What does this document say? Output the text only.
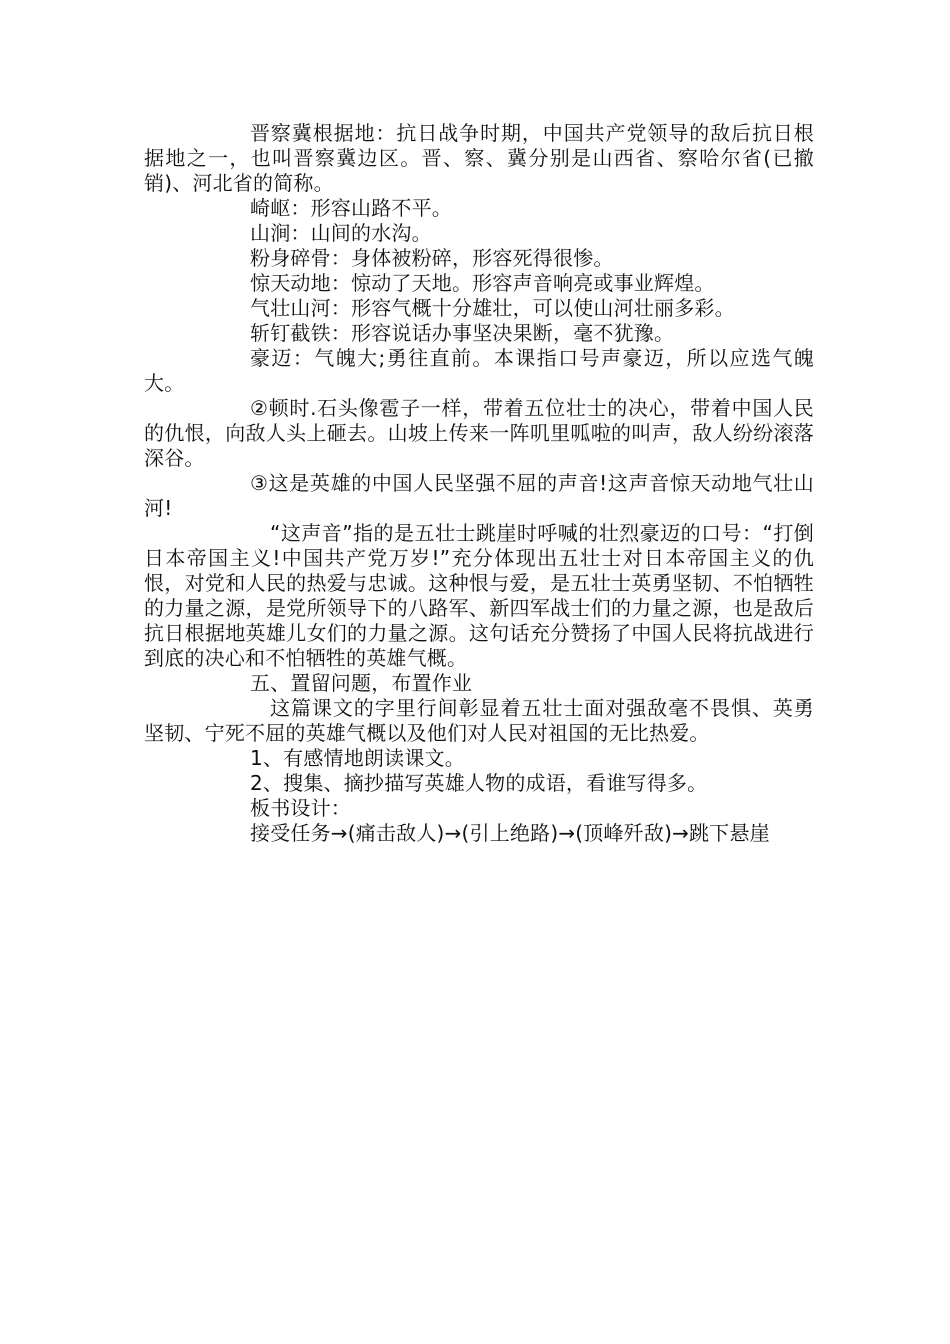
晋察冀根据地：抗日战争时期，中国共产党领导的敌后抗日根据地之一，也叫晋察冀边区。晋、察、冀分别是山西省、察哈尔省(已撤销)、河北省的简称。

崎岖：形容山路不平。

山涧：山间的水沟。

粉身碎骨：身体被粉碎，形容死得很惨。

惊天动地：惊动了天地。形容声音响亮或事业辉煌。

气壮山河：形容气概十分雄壮，可以使山河壮丽多彩。

斩钉截铁：形容说话办事坚决果断，毫不犹豫。

豪迈：气魄大;勇往直前。本课指口号声豪迈，所以应选气魄大。

②顿时.石头像雹子一样，带着五位壮士的决心，带着中国人民的仇恨，向敌人头上砸去。山坡上传来一阵叽里呱啦的叫声，敌人纷纷滚落深谷。

③这是英雄的中国人民坚强不屈的声音!这声音惊天动地气壮山河!

“这声音”指的是五壮士跳崖时呼喊的壮烈豪迈的口号：“打倒日本帝国主义!中国共产党万岁!”充分体现出五壮士对日本帝国主义的仇恨，对党和人民的热爱与忠诚。这种恨与爱，是五壮士英勇坚韧、不怕牺牲的力量之源，是党所领导下的八路军、新四军战士们的力量之源，也是敌后抗日根据地英雄儿女们的力量之源。这句话充分赞扬了中国人民将抗战进行到底的决心和不怕牺牲的英雄气概。

五、置留问题，布置作业

这篇课文的字里行间彰显着五壮士面对强敌毫不畏惧、英勇坚韧、宁死不屈的英雄气概以及他们对人民对祖国的无比热爱。

1、有感情地朗读课文。

2、搜集、摘抄描写英雄人物的成语，看谁写得多。

板书设计：

接受任务→(痛击敌人)→(引上绝路)→(顶峰歼敌)→跳下悬崖
